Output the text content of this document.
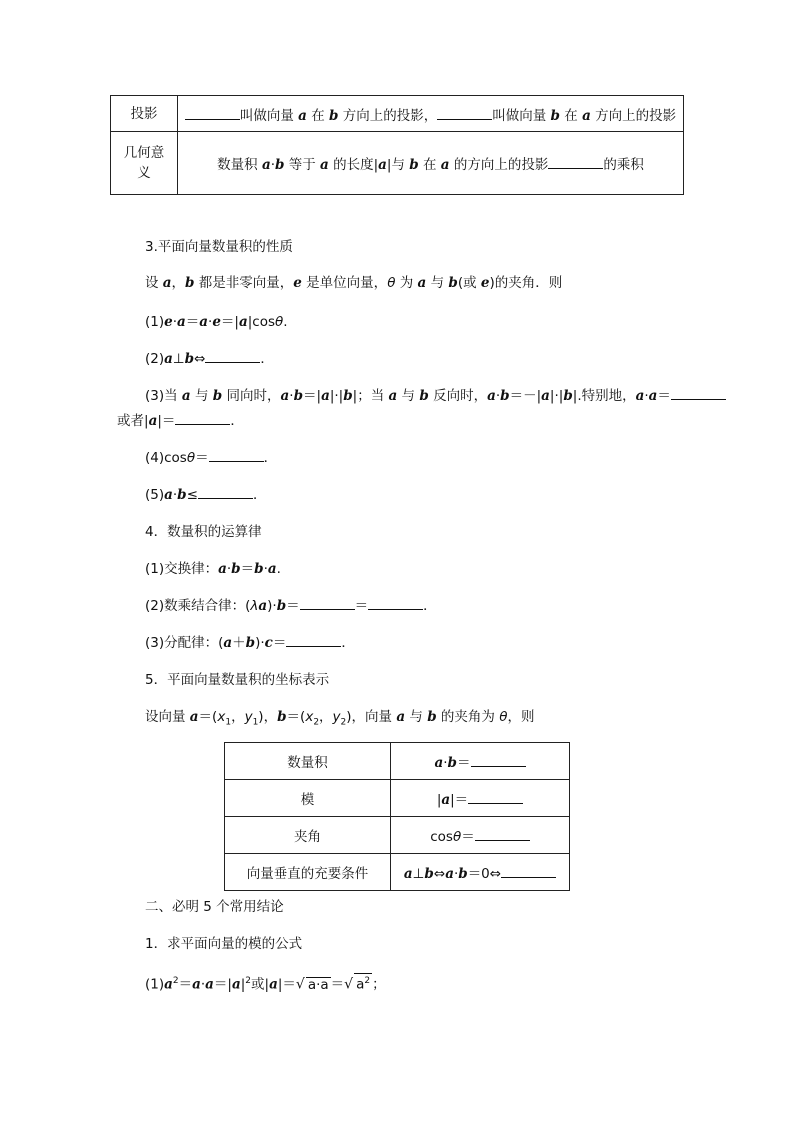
投影	叫做向量 a 在 b 方向上的投影， 叫做向量 b 在 a 方向上的投影
几何意
义	数量积 a·b 等于 a 的长度|a|与 b 在 a 的方向上的投影 的乘积
3.平面向量数量积的性质
设 a，b 都是非零向量，e 是单位向量，θ 为 a 与 b(或 e)的夹角．则
(1)e·a＝a·e＝|a|cosθ.
(2)a⊥b⇔	．
(3)当 a 与 b 同向时，a·b＝|a|·|b|；当 a 与 b 反向时，a·b＝－|a|·|b|.特别地，a·a＝
或者|a|＝	．
(4)cosθ＝	．
(5)a·b≤	．
4．数量积的运算律
(1)交换律：a·b＝b·a.
(2)数乘结合律：(λa)·b＝	＝	．
(3)分配律：(a＋b)·c＝	．
5．平面向量数量积的坐标表示
设向量 $a=(x_1$，$y_1$)，$b=(x_2$，$y_2$)，向量 a 与 b 的夹角为 θ，则
数量积	a·b＝
模	|a|＝
夹角	cosθ＝
向量垂直的充要条件	a⊥b⇔a·b＝0⇔
二、必明 5 个常用结论
1．求平面向量的模的公式
$(1)a^2=a\cdot a=|a|^2$或|a|＝√ a·a ＝√ $a^2$ ；
